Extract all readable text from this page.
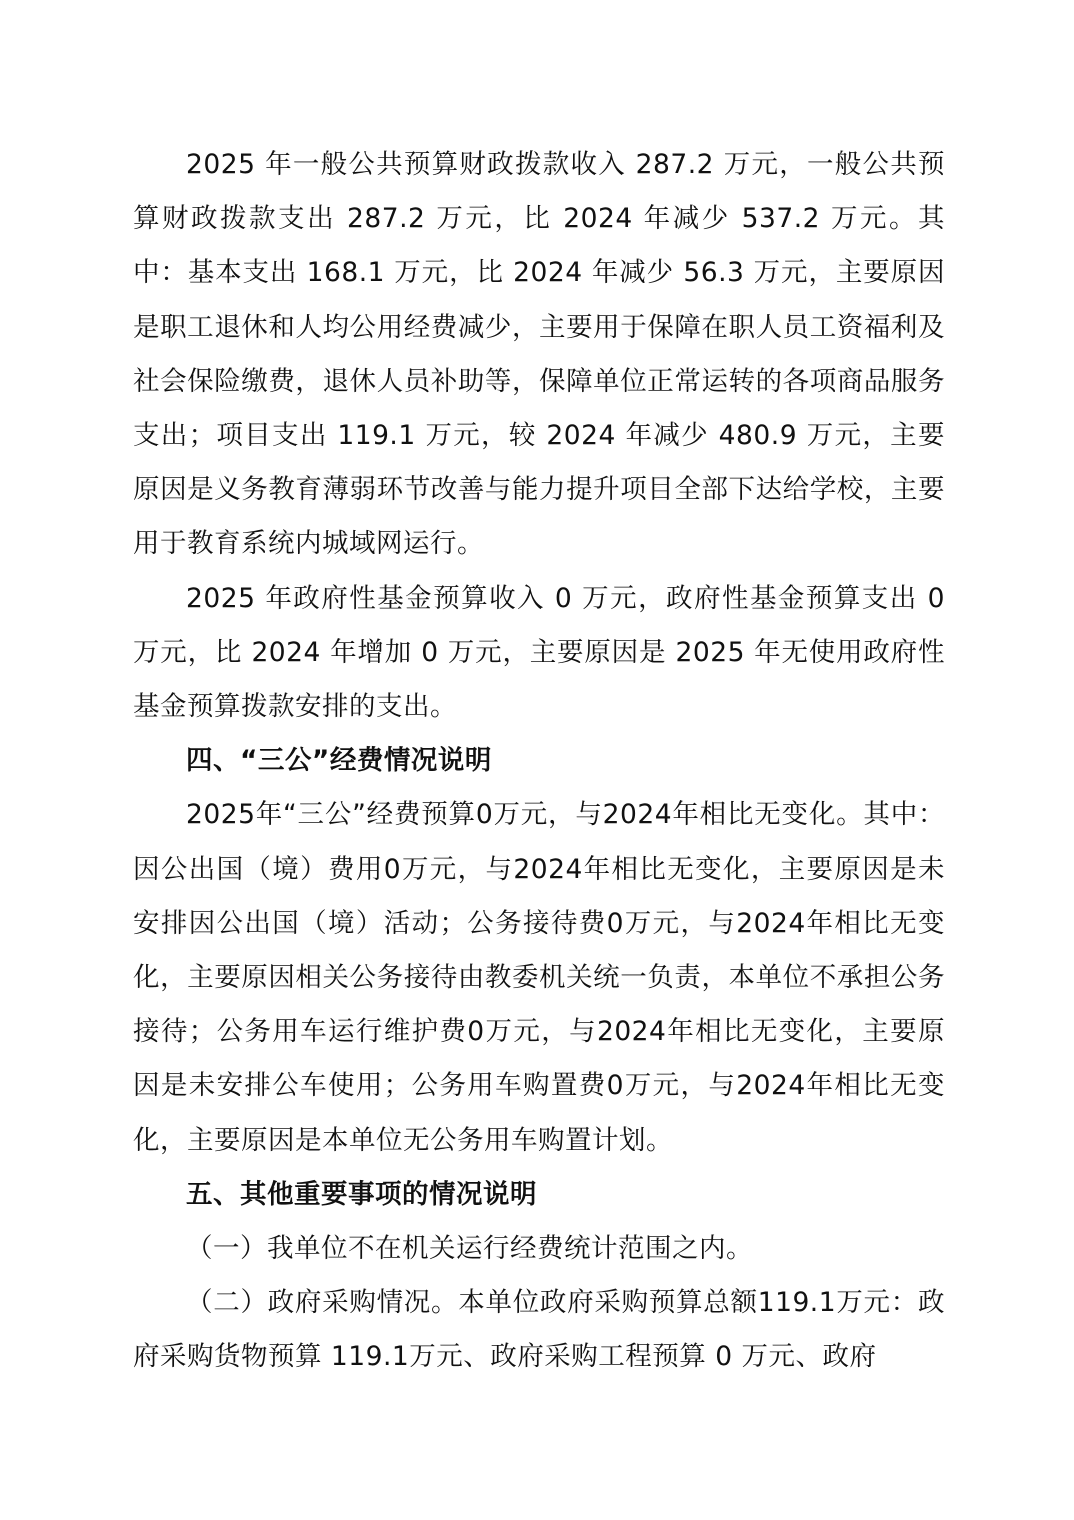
2025 年一般公共预算财政拨款收入 287.2 万元，一般公共预算财政拨款支出 287.2 万元，比 2024 年减少 537.2 万元。其中：基本支出 168.1 万元，比 2024 年减少 56.3 万元，主要原因是职工退休和人均公用经费减少，主要用于保障在职人员工资福利及社会保险缴费，退休人员补助等，保障单位正常运转的各项商品服务支出；项目支出 119.1 万元，较 2024 年减少 480.9 万元，主要原因是义务教育薄弱环节改善与能力提升项目全部下达给学校，主要用于教育系统内城域网运行。

2025 年政府性基金预算收入 0 万元，政府性基金预算支出 0 万元，比 2024 年增加 0 万元，主要原因是 2025 年无使用政府性基金预算拨款安排的支出。

四、“三公”经费情况说明

2025年“三公”经费预算0万元，与2024年相比无变化。其中：因公出国（境）费用0万元，与2024年相比无变化，主要原因是未安排因公出国（境）活动；公务接待费0万元，与2024年相比无变化，主要原因相关公务接待由教委机关统一负责，本单位不承担公务接待；公务用车运行维护费0万元，与2024年相比无变化，主要原因是未安排公车使用；公务用车购置费0万元，与2024年相比无变化，主要原因是本单位无公务用车购置计划。

五、其他重要事项的情况说明

（一）我单位不在机关运行经费统计范围之内。

（二）政府采购情况。本单位政府采购预算总额119.1万元：政府采购货物预算 119.1万元、政府采购工程预算 0 万元、政府
